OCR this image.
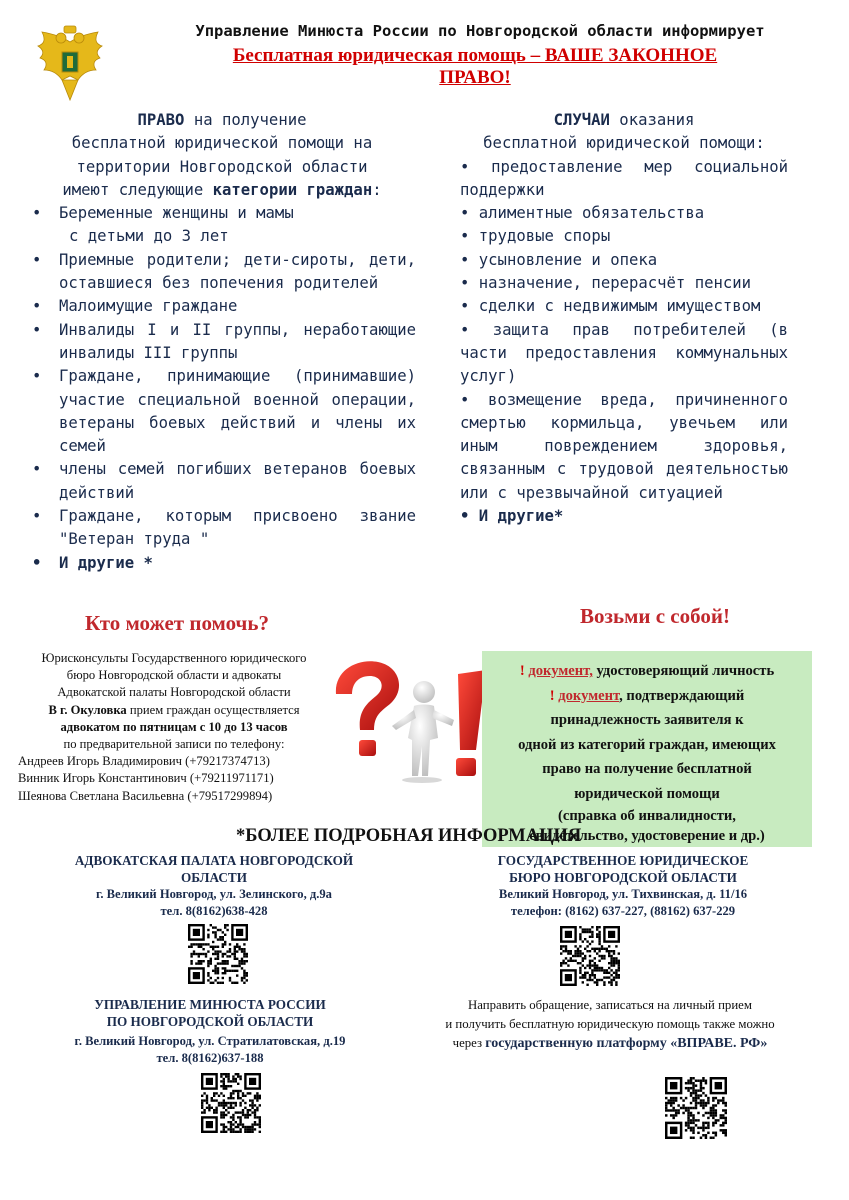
Управление Минюста России по Новгородской области информирует
Бесплатная юридическая помощь – ВАШЕ ЗАКОННОЕ
ПРАВО!
ПРАВО на получение
бесплатной юридической помощи на
территории Новгородской области
имеют следующие категории граждан:
• Беременные женщины и мамы
с детьми до 3 лет
• Приемные родители; дети-сироты, дети, оставшиеся без попечения родителей
• Малоимущие граждане
• Инвалиды I и II группы, неработающие инвалиды III группы
• Граждане, принимающие (принимавшие) участие специальной военной операции, ветераны боевых действий и члены их семей
• члены семей погибших ветеранов боевых действий
• Граждане, которым присвоено звание "Ветеран труда "
• И другие *
СЛУЧАИ оказания
бесплатной юридической помощи:
• предоставление мер социальной поддержки
• алиментные обязательства
• трудовые споры
• усыновление и опека
• назначение, перерасчёт пенсии
• сделки с недвижимым имуществом
• защита прав потребителей (в части предоставления коммунальных услуг)
• возмещение вреда, причиненного смертью кормильца, увечьем или иным повреждением здоровья, связанным с трудовой деятельностью или с чрезвычайной ситуацией
• И другие*
Кто может помочь?	Возьми с собой!
Юрисконсульты Государственного юридического
бюро Новгородской области и адвокаты
Адвокатской палаты Новгородской области
В г. Окуловка прием граждан осуществляется
адвокатом по пятницам с 10 до 13 часов
по предварительной записи по телефону:
Андреев Игорь Владимирович (+79217374713)
Винник Игорь Константинович (+79211971171)
Шеянова Светлана Васильевна (+79517299894)
! документ, удостоверяющий личность
! документ, подтверждающий
принадлежность заявителя к
одной из категорий граждан, имеющих
право на получение бесплатной
юридической помощи
(справка об инвалидности,
свидетельство, удостоверение и др.)
*БОЛЕЕ ПОДРОБНАЯ ИНФОРМАЦИЯ
АДВОКАТСКАЯ ПАЛАТА НОВГОРОДСКОЙ
ОБЛАСТИ
г. Великий Новгород, ул. Зелинского, д.9а
тел. 8(8162)638-428
ГОСУДАРСТВЕННОЕ ЮРИДИЧЕСКОЕ
БЮРО НОВГОРОДСКОЙ ОБЛАСТИ
Великий Новгород, ул. Тихвинская, д. 11/16
телефон: (8162) 637-227, (88162) 637-229
УПРАВЛЕНИЕ МИНЮСТА РОССИИ
ПО НОВГОРОДСКОЙ ОБЛАСТИ
г. Великий Новгород, ул. Стратилатовская, д.19
тел. 8(8162)637-188
Направить обращение, записаться на личный прием
и получить бесплатную юридическую помощь также можно
через государственную платформу «ВПРАВЕ. РФ»
